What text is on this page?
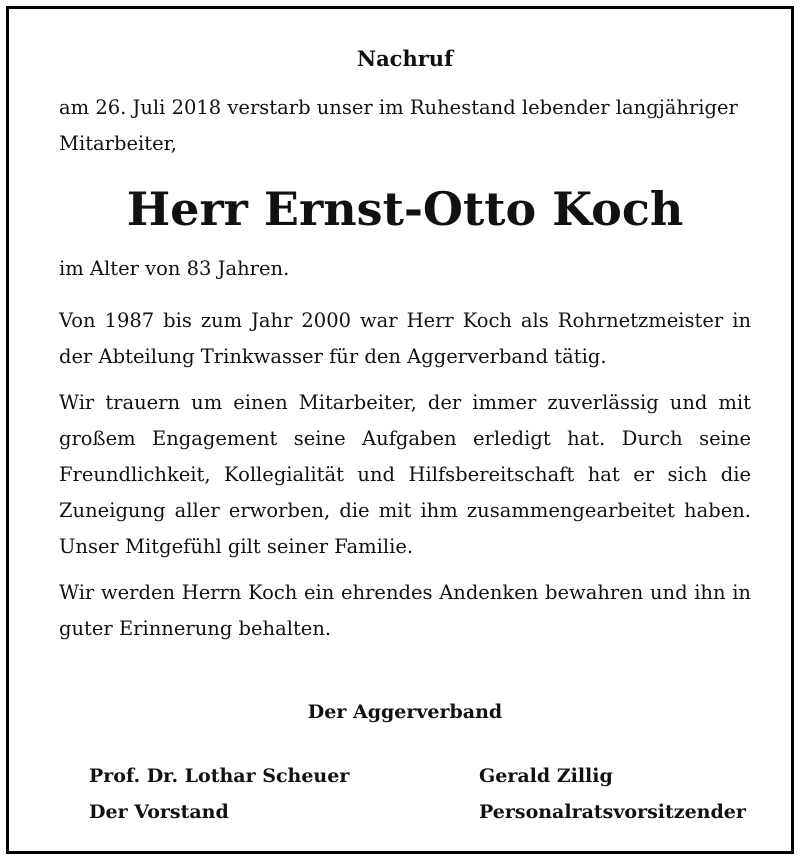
Nachruf

am 26. Juli 2018 verstarb unser im Ruhestand lebender langjähriger Mitarbeiter,

Herr Ernst-Otto Koch

im Alter von 83 Jahren.

Von 1987 bis zum Jahr 2000 war Herr Koch als Rohrnetzmeister in der Abteilung Trinkwasser für den Aggerverband tätig.

Wir trauern um einen Mitarbeiter, der immer zuverlässig und mit großem Engagement seine Aufgaben erledigt hat. Durch seine Freundlichkeit, Kollegialität und Hilfsbereitschaft hat er sich die Zuneigung aller erworben, die mit ihm zusammengearbeitet haben. Unser Mitgefühl gilt seiner Familie.

Wir werden Herrn Koch ein ehrendes Andenken bewahren und ihn in guter Erinnerung behalten.

Der Aggerverband
Prof. Dr. Lothar Scheuer
Der Vorstand
Gerald Zillig
Personalratsvorsitzender
